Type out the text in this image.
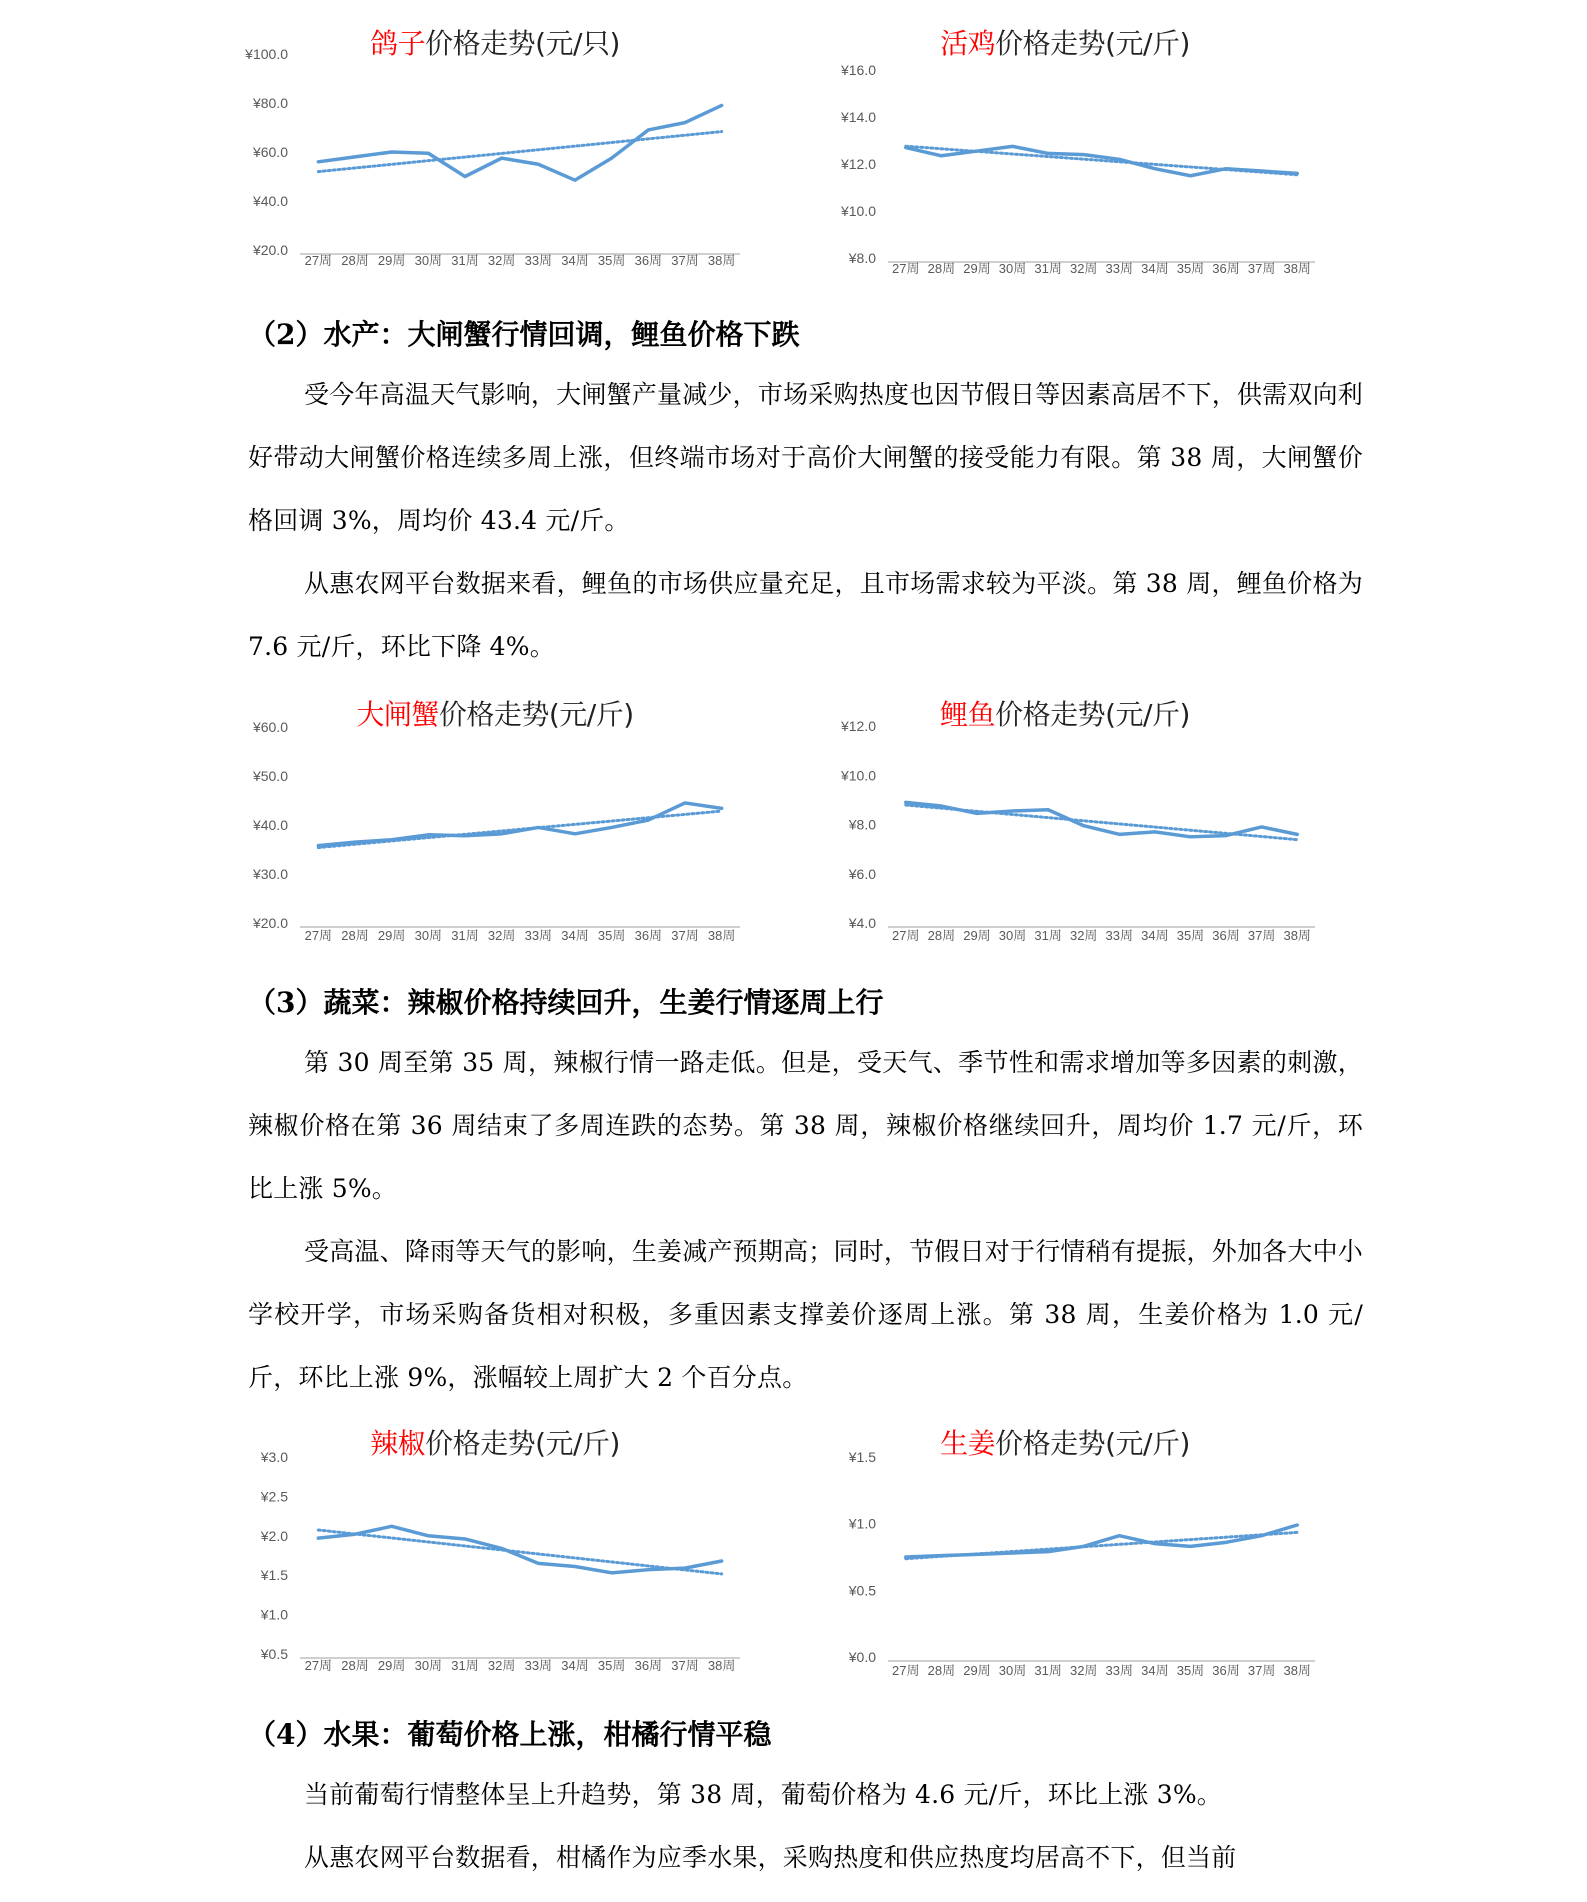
鸽子价格走势(元/只)
¥100.0
¥80.0
¥60.0
¥40.0
¥20.0
27周 28周 29周 30周 31周 32周 33周 34周 35周 36周 37周 38周
活鸡价格走势(元/斤)
¥16.0
¥14.0
¥12.0
¥10.0
¥8.0
27周 28周 29周 30周 31周 32周 33周 34周 35周 36周 37周 38周
（2）水产：大闸蟹行情回调，鲤鱼价格下跌
受今年高温天气影响，大闸蟹产量减少，市场采购热度也因节假日等因素高居不下，供需双向利好带动大闸蟹价格连续多周上涨，但终端市场对于高价大闸蟹的接受能力有限。第 38 周，大闸蟹价格回调 3%，周均价 43.4 元/斤。
从惠农网平台数据来看，鲤鱼的市场供应量充足，且市场需求较为平淡。第 38 周，鲤鱼价格为 7.6 元/斤，环比下降 4%。
大闸蟹价格走势(元/斤)
¥60.0
¥50.0
¥40.0
¥30.0
¥20.0
27周 28周 29周 30周 31周 32周 33周 34周 35周 36周 37周 38周
鲤鱼价格走势(元/斤)
¥12.0
¥10.0
¥8.0
¥6.0
¥4.0
27周 28周 29周 30周 31周 32周 33周 34周 35周 36周 37周 38周
（3）蔬菜：辣椒价格持续回升，生姜行情逐周上行
第 30 周至第 35 周，辣椒行情一路走低。但是，受天气、季节性和需求增加等多因素的刺激，辣椒价格在第 36 周结束了多周连跌的态势。第 38 周，辣椒价格继续回升，周均价 1.7 元/斤，环比上涨 5%。
受高温、降雨等天气的影响，生姜减产预期高；同时，节假日对于行情稍有提振，外加各大中小学校开学，市场采购备货相对积极，多重因素支撑姜价逐周上涨。第 38 周，生姜价格为 1.0 元/斤，环比上涨 9%，涨幅较上周扩大 2 个百分点。
辣椒价格走势(元/斤)
¥3.0
¥2.5
¥2.0
¥1.5
¥1.0
¥0.5
27周 28周 29周 30周 31周 32周 33周 34周 35周 36周 37周 38周
生姜价格走势(元/斤)
¥1.5
¥1.0
¥0.5
¥0.0
27周 28周 29周 30周 31周 32周 33周 34周 35周 36周 37周 38周
（4）水果：葡萄价格上涨，柑橘行情平稳
当前葡萄行情整体呈上升趋势，第 38 周，葡萄价格为 4.6 元/斤，环比上涨 3%。
从惠农网平台数据看，柑橘作为应季水果，采购热度和供应热度均居高不下，但当前
